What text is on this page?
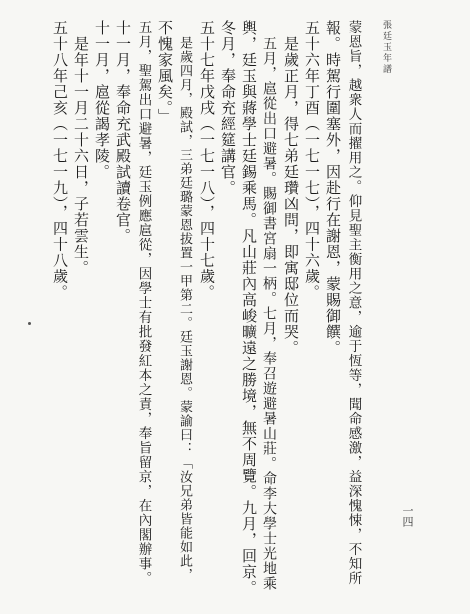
張廷玉年譜
一四
蒙恩旨，越衆人而擢用之。仰見聖主衡用之意，逾于恆等，聞命感激，益深愧悚，不知所
報。時駕行圍塞外，因赴行在謝恩，蒙賜御饌。
五十六年丁酉（一七一七），四十六歲。
是歲正月，得七弟廷瓚凶問，即寓邸位而哭。
五月，扈從出口避暑。賜御書宮扇一柄。七月，奉召遊避暑山莊。命李大學士光地乘
輿，廷玉與蔣學士廷錫乘馬。凡山莊內高峻曠遠之勝境，無不周覽。九月，回京。
冬月，奉命充經筵講官。
五十七年戊戌（一七一八），四十七歲。
是歲四月，殿試，三弟廷璐蒙恩拔置一甲第二。廷玉謝恩。蒙諭曰：「汝兄弟皆能如此，
不愧家風矣。」
五月，聖駕出口避暑，廷玉例應扈從，因學士有批發紅本之責，奉旨留京，在內閣辦事。
十一月，奉命充武殿試讀卷官。
十一月，扈從謁孝陵。
是年十一月二十六日，子若雲生。
五十八年己亥（一七一九），四十八歲。
